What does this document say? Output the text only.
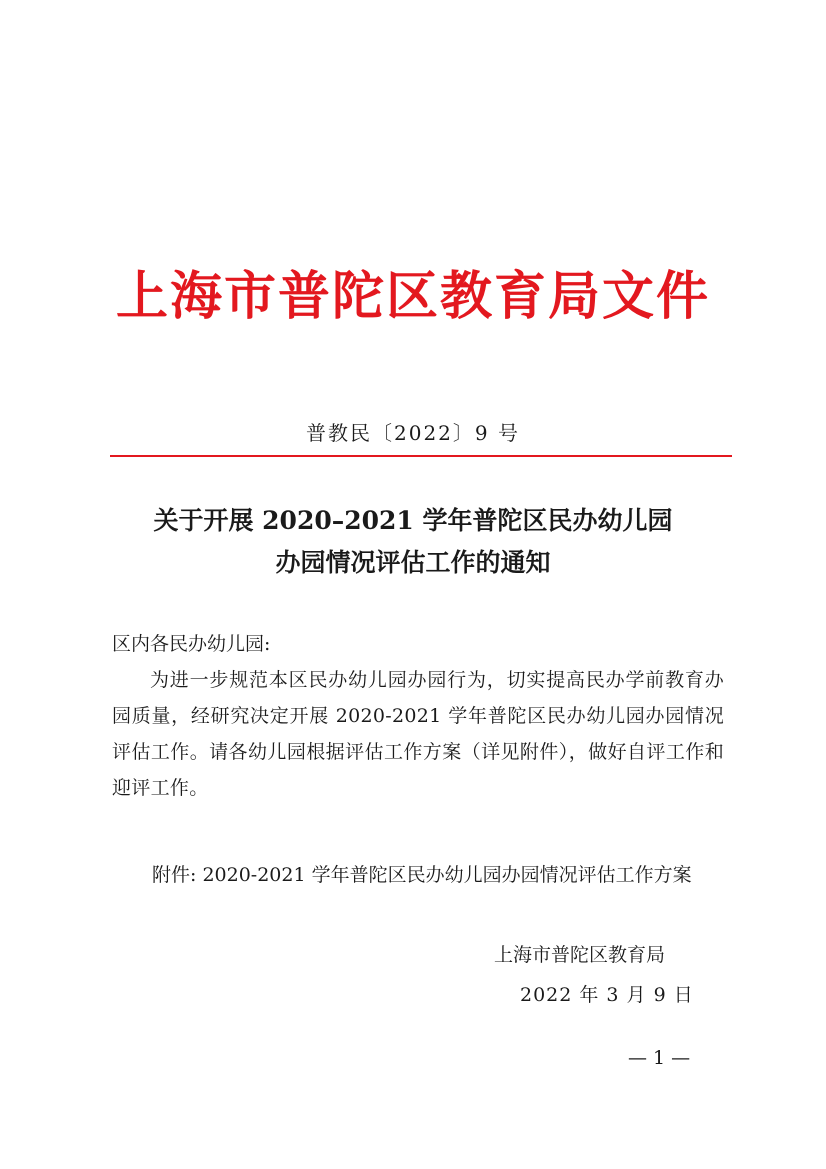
上海市普陀区教育局文件
普教民〔2022〕9 号
关于开展 2020–2021 学年普陀区民办幼儿园
办园情况评估工作的通知
区内各民办幼儿园:
为进一步规范本区民办幼儿园办园行为，切实提高民办学前教育办园质量，经研究决定开展 2020-2021 学年普陀区民办幼儿园办园情况评估工作。请各幼儿园根据评估工作方案（详见附件），做好自评工作和迎评工作。
附件: 2020-2021 学年普陀区民办幼儿园办园情况评估工作方案
上海市普陀区教育局
2022 年 3 月 9 日
— 1 —
